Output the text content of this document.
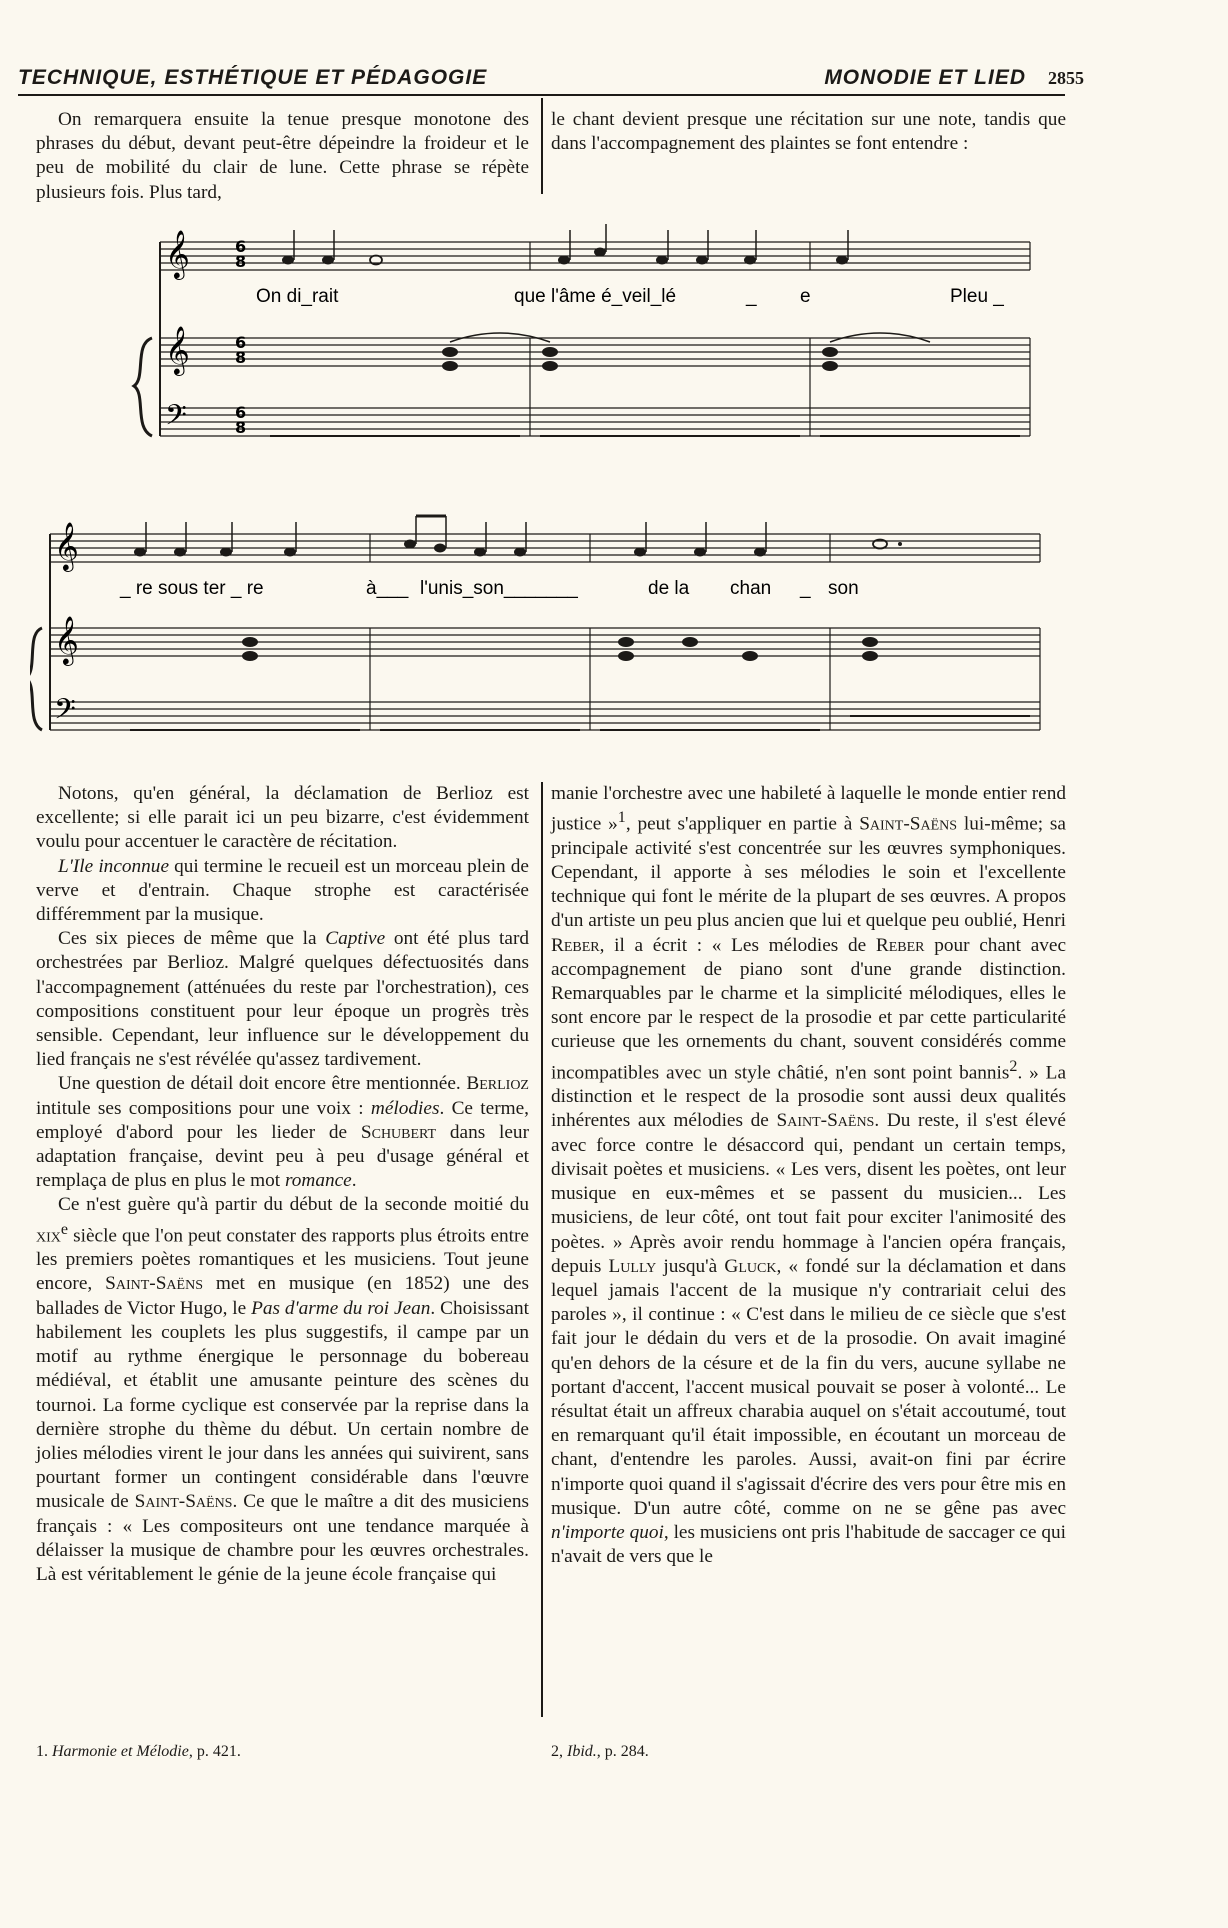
TECHNIQUE, ESTHÉTIQUE ET PÉDAGOGIE	MONODIE ET LIED 2855

On remarquera ensuite la tenue presque monotone des phrases du début, devant peut-être dépeindre la froideur et le peu de mobilité du clair de lune. Cette phrase se répète plusieurs fois. Plus tard,

le chant devient presque une récitation sur une note, tandis que dans l'accompagnement des plaintes se font entendre :

𝄞
𝄞
𝄢
6
8
6
8
6
8
On di_rait	que l'âme é_veil_lé	_ e	Pleu _
𝄞
𝄞
𝄢
_ re sous ter _ re	à___ l'unis_son_______	de la chan _ son

Notons, qu'en général, la déclamation de Berlioz est excellente; si elle parait ici un peu bizarre, c'est évidemment voulu pour accentuer le caractère de récitation.

L'Ile inconnue qui termine le recueil est un morceau plein de verve et d'entrain. Chaque strophe est caractérisée différemment par la musique.

Ces six pieces de même que la Captive ont été plus tard orchestrées par Berlioz. Malgré quelques défectuosités dans l'accompagnement (atténuées du reste par l'orchestration), ces compositions constituent pour leur époque un progrès très sensible. Cependant, leur influence sur le développement du lied français ne s'est révélée qu'assez tardivement.

Une question de détail doit encore être mentionnée. Berlioz intitule ses compositions pour une voix : mélodies. Ce terme, employé d'abord pour les lieder de Schubert dans leur adaptation française, devint peu à peu d'usage général et remplaça de plus en plus le mot romance.

Ce n'est guère qu'à partir du début de la seconde moitié du xix$^e$ siècle que l'on peut constater des rapports plus étroits entre les premiers poètes romantiques et les musiciens. Tout jeune encore, Saint-Saëns met en musique (en 1852) une des ballades de Victor Hugo, le Pas d'arme du roi Jean. Choisissant habilement les couplets les plus suggestifs, il campe par un motif au rythme énergique le personnage du bobereau médiéval, et établit une amusante peinture des scènes du tournoi. La forme cyclique est conservée par la reprise dans la dernière strophe du thème du début. Un certain nombre de jolies mélodies virent le jour dans les années qui suivirent, sans pourtant former un contingent considérable dans l'œuvre musicale de Saint-Saëns. Ce que le maître a dit des musiciens français : « Les compositeurs ont une tendance marquée à délaisser la musique de chambre pour les œuvres orchestrales. Là est véritablement le génie de la jeune école française qui

manie l'orchestre avec une habileté à laquelle le monde entier rend justice »$^1$, peut s'appliquer en partie à Saint-Saëns lui-même; sa principale activité s'est concentrée sur les œuvres symphoniques. Cependant, il apporte à ses mélodies le soin et l'excellente technique qui font le mérite de la plupart de ses œuvres. A propos d'un artiste un peu plus ancien que lui et quelque peu oublié, Henri Reber, il a écrit : « Les mélodies de Reber pour chant avec accompagnement de piano sont d'une grande distinction. Remarquables par le charme et la simplicité mélodiques, elles le sont encore par le respect de la prosodie et par cette particularité curieuse que les ornements du chant, souvent considérés comme incompatibles avec un style châtié, n'en sont point bannis$^2$. » La distinction et le respect de la prosodie sont aussi deux qualités inhérentes aux mélodies de Saint-Saëns. Du reste, il s'est élevé avec force contre le désaccord qui, pendant un certain temps, divisait poètes et musiciens. « Les vers, disent les poètes, ont leur musique en eux-mêmes et se passent du musicien... Les musiciens, de leur côté, ont tout fait pour exciter l'animosité des poètes. » Après avoir rendu hommage à l'ancien opéra français, depuis Lully jusqu'à Gluck, « fondé sur la déclamation et dans lequel jamais l'accent de la musique n'y contrariait celui des paroles », il continue : « C'est dans le milieu de ce siècle que s'est fait jour le dédain du vers et de la prosodie. On avait imaginé qu'en dehors de la césure et de la fin du vers, aucune syllabe ne portant d'accent, l'accent musical pouvait se poser à volonté... Le résultat était un affreux charabia auquel on s'était accoutumé, tout en remarquant qu'il était impossible, en écoutant un morceau de chant, d'entendre les paroles. Aussi, avait-on fini par écrire n'importe quoi quand il s'agissait d'écrire des vers pour être mis en musique. D'un autre côté, comme on ne se gêne pas avec n'importe quoi, les musiciens ont pris l'habitude de saccager ce qui n'avait de vers que le

1. Harmonie et Mélodie, p. 421.	2, Ibid., p. 284.
